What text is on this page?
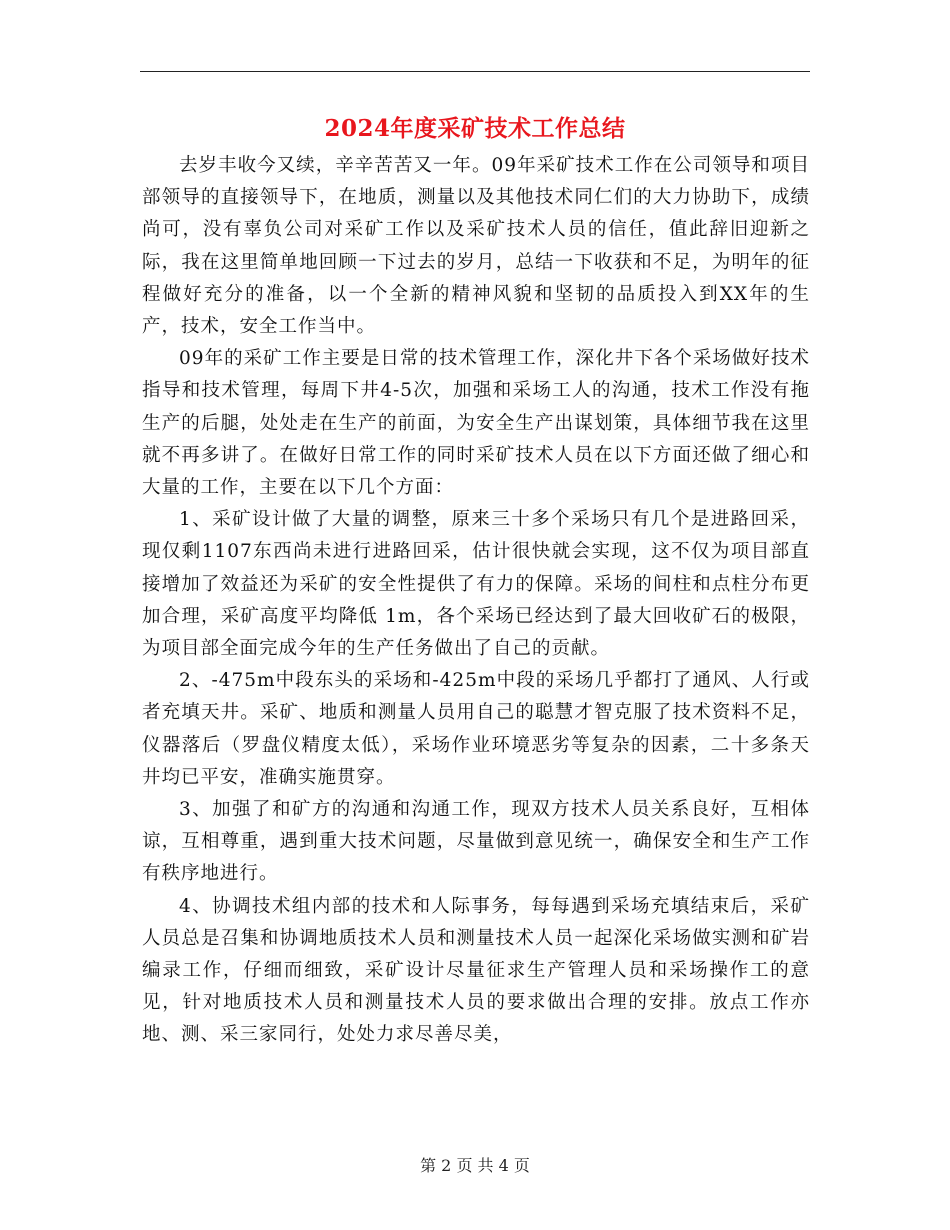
2024年度采矿技术工作总结

去岁丰收今又续，辛辛苦苦又一年。09年采矿技术工作在公司领导和项目部领导的直接领导下，在地质，测量以及其他技术同仁们的大力协助下，成绩尚可，没有辜负公司对采矿工作以及采矿技术人员的信任，值此辞旧迎新之际，我在这里简单地回顾一下过去的岁月，总结一下收获和不足，为明年的征程做好充分的准备，以一个全新的精神风貌和坚韧的品质投入到XX年的生产，技术，安全工作当中。

09年的采矿工作主要是日常的技术管理工作，深化井下各个采场做好技术指导和技术管理，每周下井4-5次，加强和采场工人的沟通，技术工作没有拖生产的后腿，处处走在生产的前面，为安全生产出谋划策，具体细节我在这里就不再多讲了。在做好日常工作的同时采矿技术人员在以下方面还做了细心和大量的工作，主要在以下几个方面：

1、采矿设计做了大量的调整，原来三十多个采场只有几个是进路回采，现仅剩1107东西尚未进行进路回采，估计很快就会实现，这不仅为项目部直接增加了效益还为采矿的安全性提供了有力的保障。采场的间柱和点柱分布更加合理，采矿高度平均降低 1m，各个采场已经达到了最大回收矿石的极限，为项目部全面完成今年的生产任务做出了自己的贡献。

2、-475m中段东头的采场和-425m中段的采场几乎都打了通风、人行或者充填天井。采矿、地质和测量人员用自己的聪慧才智克服了技术资料不足，仪器落后（罗盘仪精度太低），采场作业环境恶劣等复杂的因素，二十多条天井均已平安，准确实施贯穿。

3、加强了和矿方的沟通和沟通工作，现双方技术人员关系良好，互相体谅，互相尊重，遇到重大技术问题，尽量做到意见统一，确保安全和生产工作有秩序地进行。

4、协调技术组内部的技术和人际事务，每每遇到采场充填结束后，采矿人员总是召集和协调地质技术人员和测量技术人员一起深化采场做实测和矿岩编录工作，仔细而细致，采矿设计尽量征求生产管理人员和采场操作工的意见，针对地质技术人员和测量技术人员的要求做出合理的安排。放点工作亦地、测、采三家同行，处处力求尽善尽美，

第 2 页 共 4 页
